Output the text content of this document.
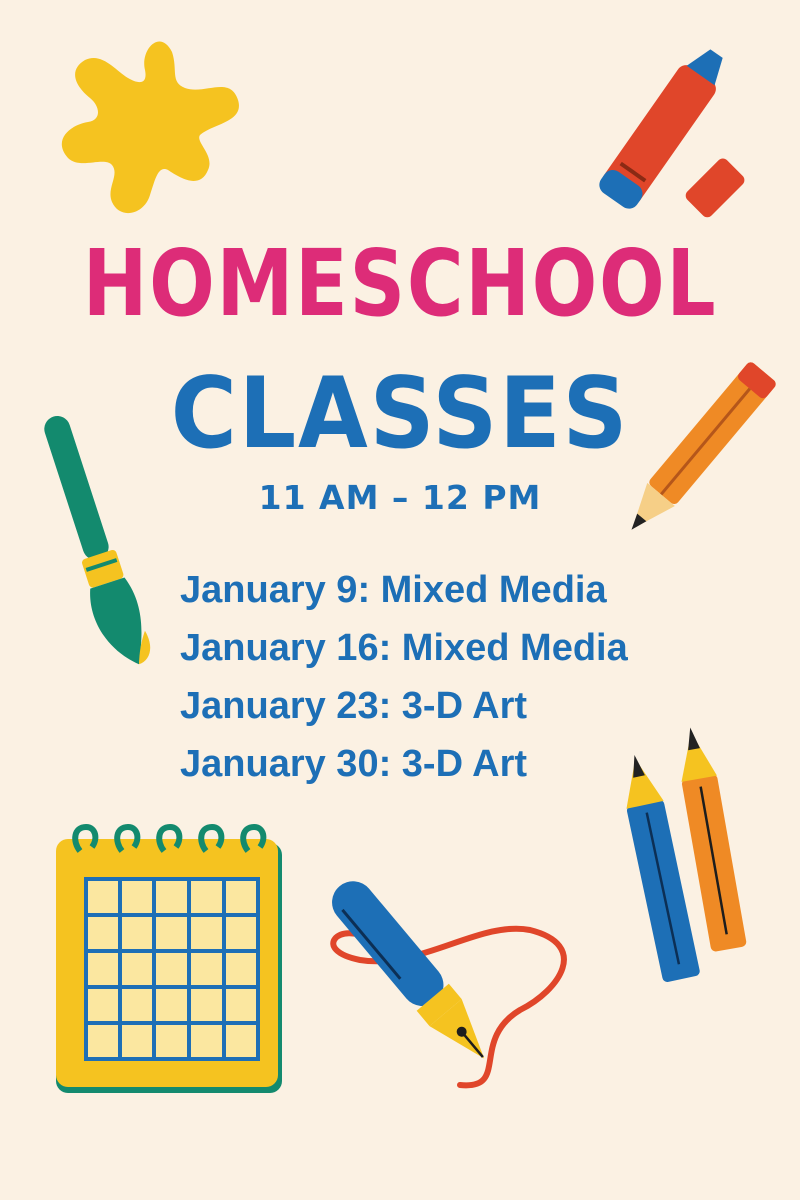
HOMESCHOOL
CLASSES
11 AM – 12 PM
January 9: Mixed Media
January 16: Mixed Media
January 23: 3-D Art
January 30: 3-D Art
